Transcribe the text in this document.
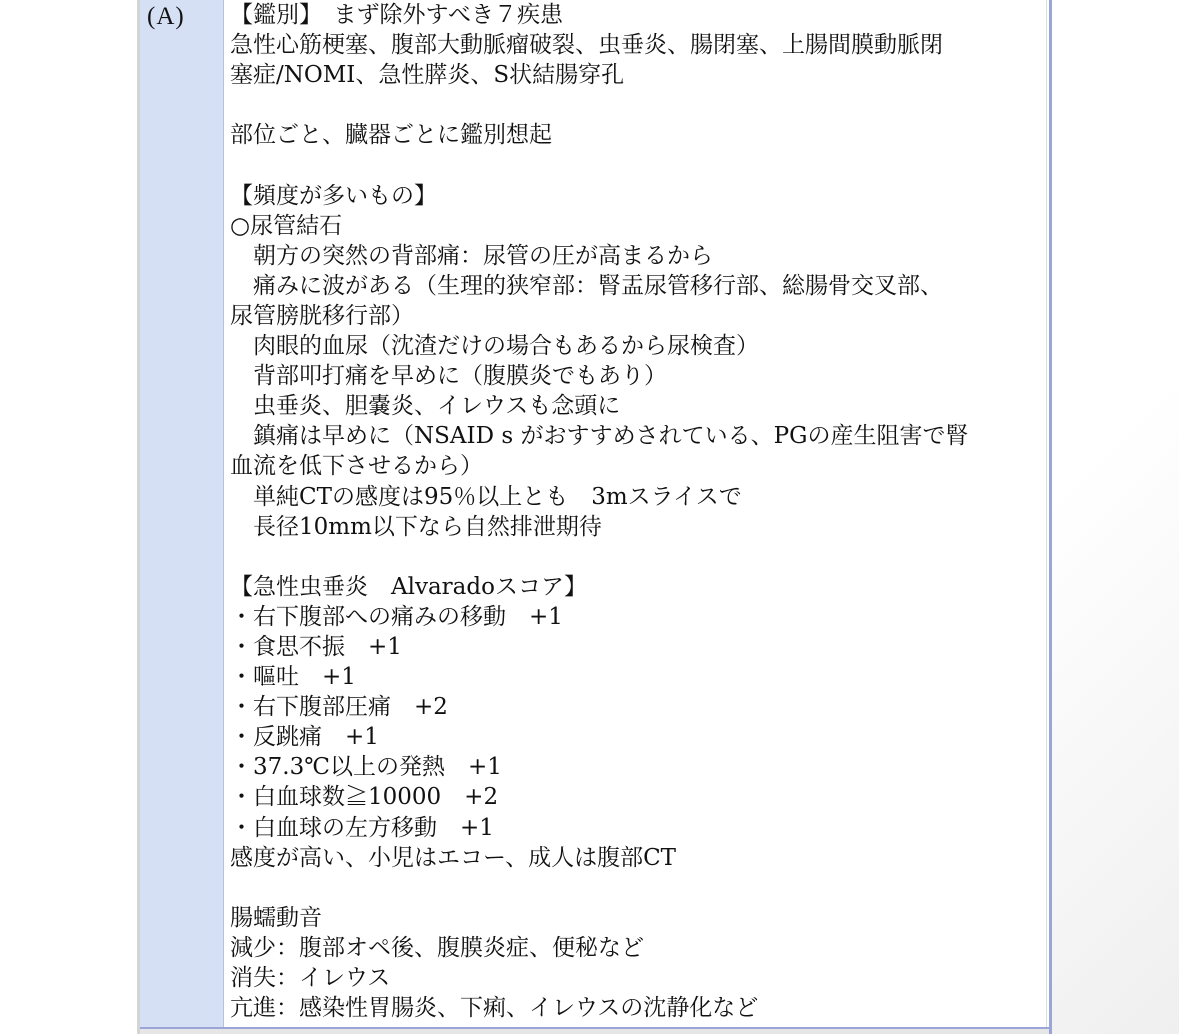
(A) 【鑑別】　まず除外すべき７疾患
急性心筋梗塞、腹部大動脈瘤破裂、虫垂炎、腸閉塞、上腸間膜動脈閉
塞症/NOMI、急性膵炎、S状結腸穿孔
部位ごと、臓器ごとに鑑別想起
【頻度が多いもの】
○尿管結石
　朝方の突然の背部痛：尿管の圧が高まるから
　痛みに波がある（生理的狭窄部：腎盂尿管移行部、総腸骨交叉部、
尿管膀胱移行部）
　肉眼的血尿（沈渣だけの場合もあるから尿検査）
　背部叩打痛を早めに（腹膜炎でもあり）
　虫垂炎、胆嚢炎、イレウスも念頭に
　鎮痛は早めに（NSAID s がおすすめされている、PGの産生阻害で腎
血流を低下させるから）
　単純CTの感度は95％以上とも　3mスライスで
　長径10mm以下なら自然排泄期待
【急性虫垂炎　Alvaradoスコア】
・右下腹部への痛みの移動　+1
・食思不振　+1
・嘔吐　+1
・右下腹部圧痛　+2
・反跳痛　+1
・37.3℃以上の発熱　+1
・白血球数≧10000　+2
・白血球の左方移動　+1
感度が高い、小児はエコー、成人は腹部CT
腸蠕動音
減少：腹部オペ後、腹膜炎症、便秘など
消失：イレウス
亢進：感染性胃腸炎、下痢、イレウスの沈静化など
